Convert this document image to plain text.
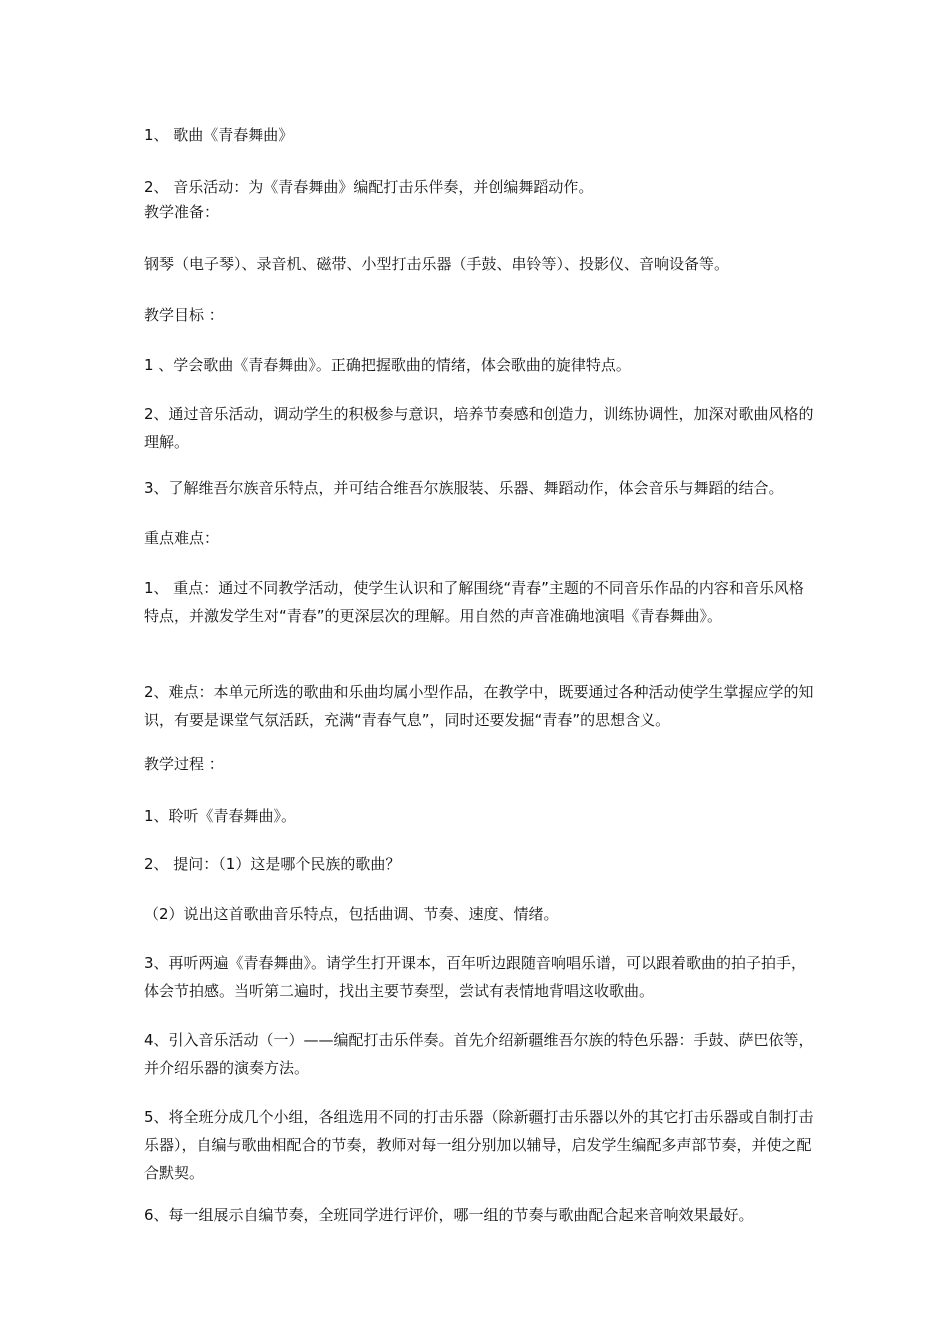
1、 歌曲《青春舞曲》
2、 音乐活动：为《青春舞曲》编配打击乐伴奏，并创编舞蹈动作。
教学准备：
钢琴（电子琴）、录音机、磁带、小型打击乐器（手鼓、串铃等）、投影仪、音响设备等。
教学目标 ：
1 、学会歌曲《青春舞曲》。正确把握歌曲的情绪，体会歌曲的旋律特点。
2、通过音乐活动，调动学生的积极参与意识，培养节奏感和创造力，训练协调性，加深对歌曲风格的理解。
3、了解维吾尔族音乐特点，并可结合维吾尔族服装、乐器、舞蹈动作，体会音乐与舞蹈的结合。
重点难点：
1、 重点：通过不同教学活动，使学生认识和了解围绕“青春”主题的不同音乐作品的内容和音乐风格特点，并激发学生对“青春”的更深层次的理解。用自然的声音准确地演唱《青春舞曲》。
2、难点：本单元所选的歌曲和乐曲均属小型作品，在教学中，既要通过各种活动使学生掌握应学的知识，有要是课堂气氛活跃，充满“青春气息”，同时还要发掘“青春”的思想含义。
教学过程 ：
1、聆听《青春舞曲》。
2、 提问：（1）这是哪个民族的歌曲？
（2）说出这首歌曲音乐特点，包括曲调、节奏、速度、情绪。
3、再听两遍《青春舞曲》。请学生打开课本，百年听边跟随音响唱乐谱，可以跟着歌曲的拍子拍手，体会节拍感。当听第二遍时，找出主要节奏型，尝试有表情地背唱这收歌曲。
4、引入音乐活动（一）——编配打击乐伴奏。首先介绍新疆维吾尔族的特色乐器：手鼓、萨巴依等，并介绍乐器的演奏方法。
5、将全班分成几个小组，各组选用不同的打击乐器（除新疆打击乐器以外的其它打击乐器或自制打击乐器），自编与歌曲相配合的节奏，教师对每一组分别加以辅导，启发学生编配多声部节奏，并使之配合默契。
6、每一组展示自编节奏，全班同学进行评价，哪一组的节奏与歌曲配合起来音响效果最好。
